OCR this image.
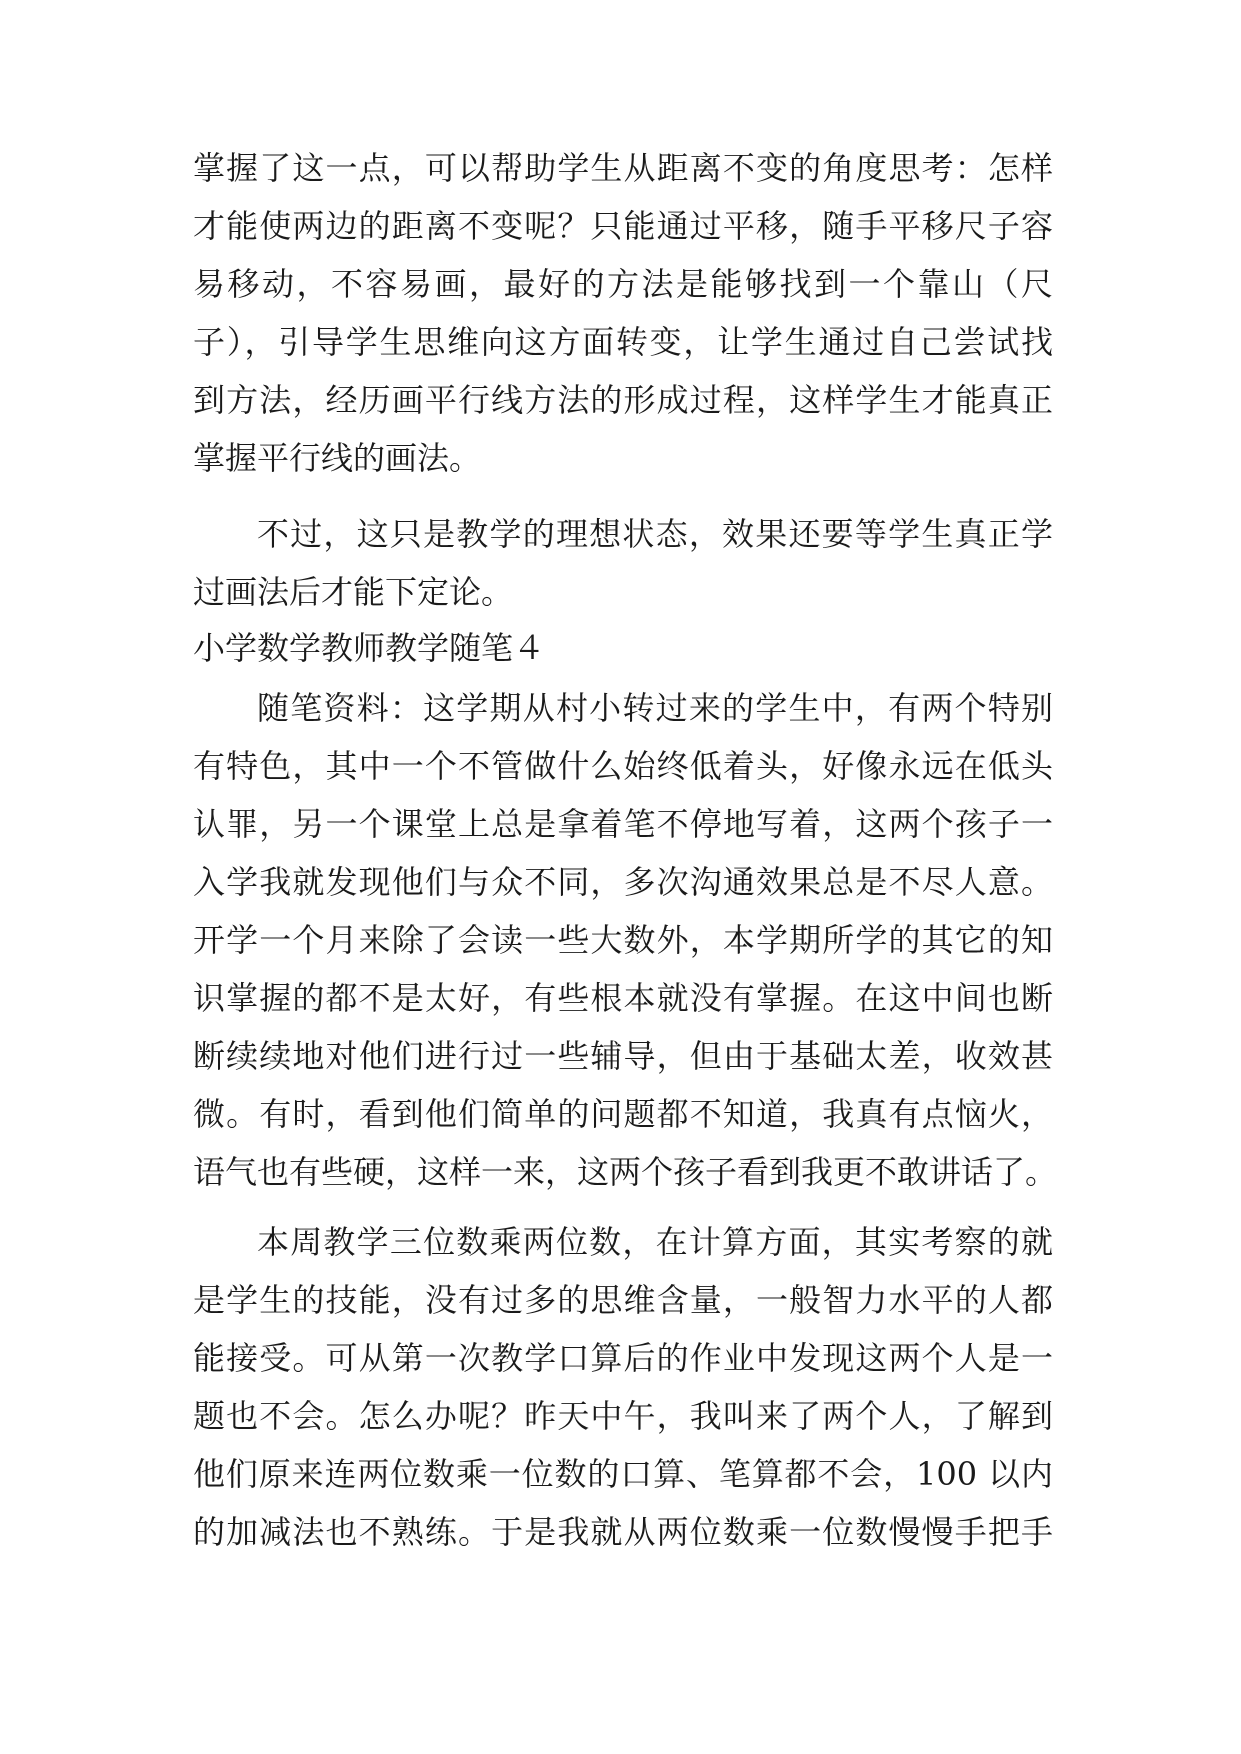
掌握了这一点，可以帮助学生从距离不变的角度思考：怎样
才能使两边的距离不变呢？只能通过平移，随手平移尺子容
易移动，不容易画，最好的方法是能够找到一个靠山（尺
子），引导学生思维向这方面转变，让学生通过自己尝试找
到方法，经历画平行线方法的形成过程，这样学生才能真正
掌握平行线的画法。
不过，这只是教学的理想状态，效果还要等学生真正学
过画法后才能下定论。
小学数学教师教学随笔４
随笔资料：这学期从村小转过来的学生中，有两个特别
有特色，其中一个不管做什么始终低着头，好像永远在低头
认罪，另一个课堂上总是拿着笔不停地写着，这两个孩子一
入学我就发现他们与众不同，多次沟通效果总是不尽人意。
开学一个月来除了会读一些大数外，本学期所学的其它的知
识掌握的都不是太好，有些根本就没有掌握。在这中间也断
断续续地对他们进行过一些辅导，但由于基础太差，收效甚
微。有时，看到他们简单的问题都不知道，我真有点恼火，
语气也有些硬，这样一来，这两个孩子看到我更不敢讲话了。
本周教学三位数乘两位数，在计算方面，其实考察的就
是学生的技能，没有过多的思维含量，一般智力水平的人都
能接受。可从第一次教学口算后的作业中发现这两个人是一
题也不会。怎么办呢？昨天中午，我叫来了两个人，了解到
他们原来连两位数乘一位数的口算、笔算都不会，100 以内
的加减法也不熟练。于是我就从两位数乘一位数慢慢手把手
